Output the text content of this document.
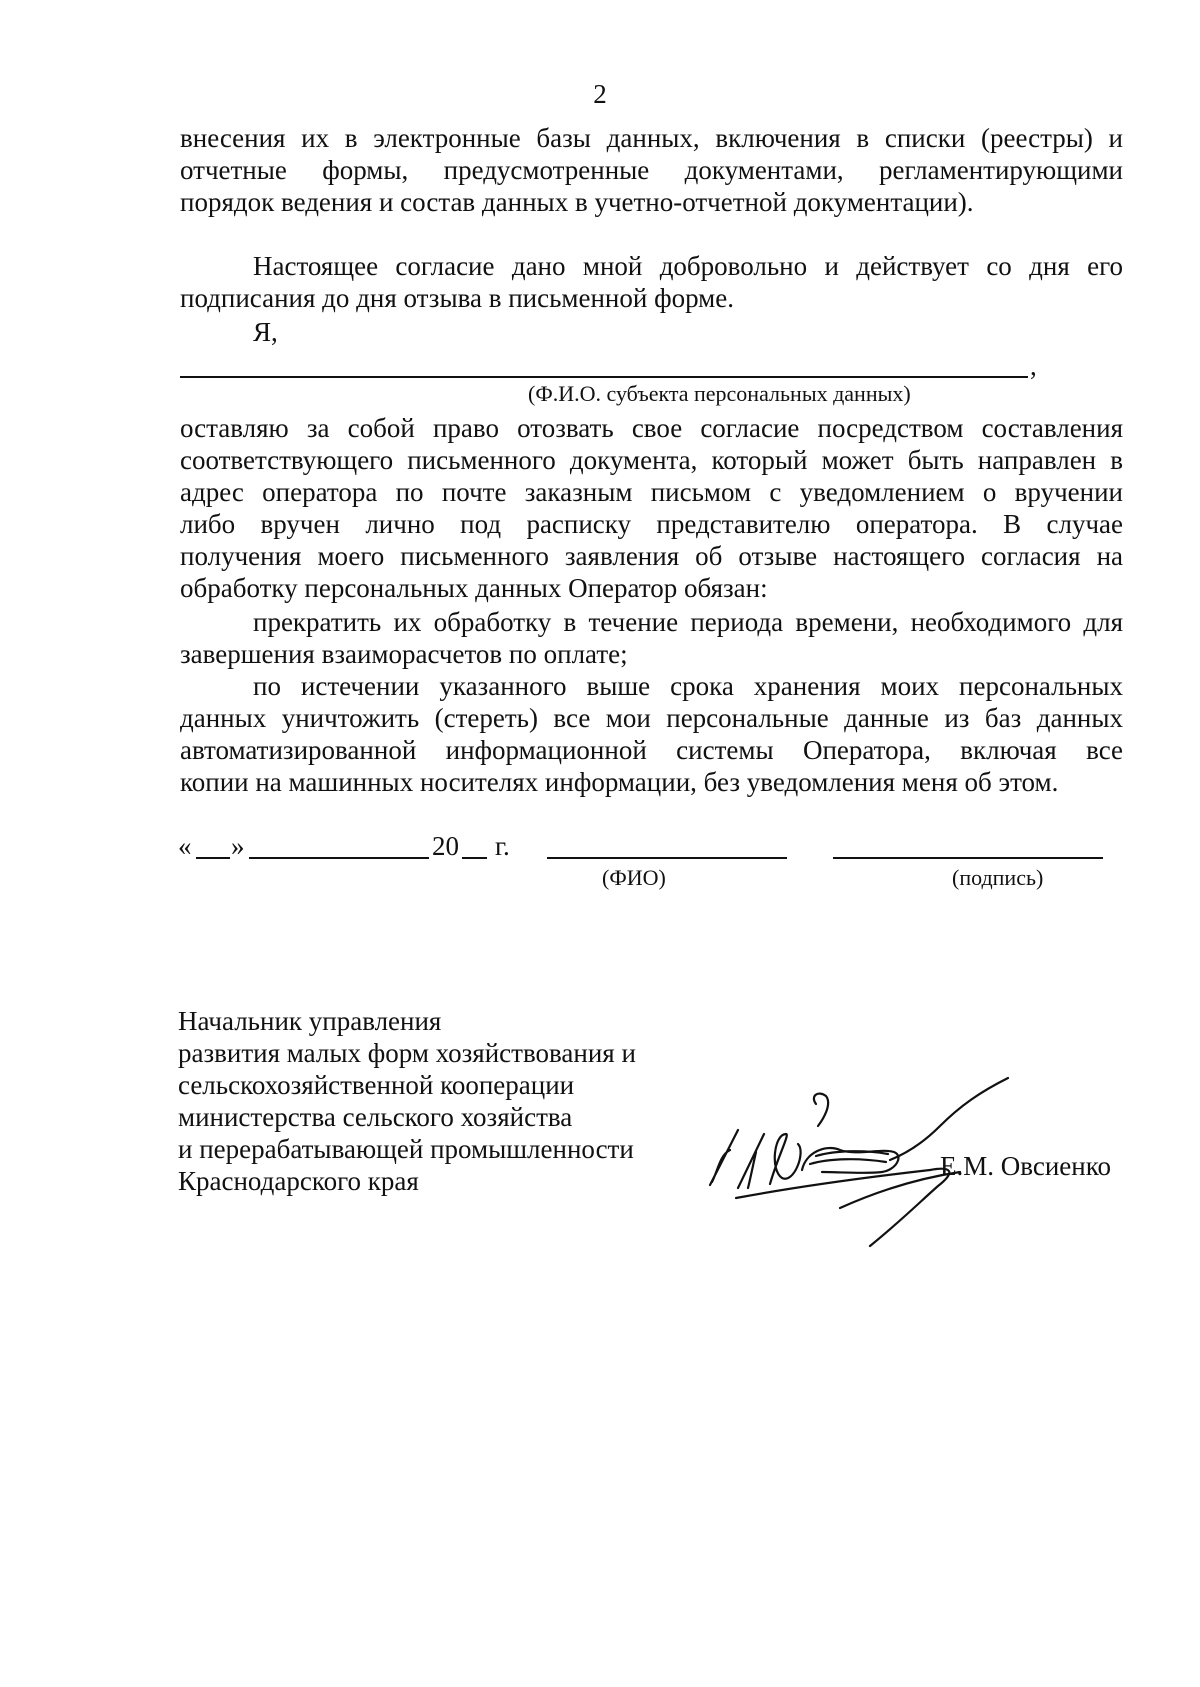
2
внесения их в электронные базы данных, включения в списки (реестры) и
отчетные формы, предусмотренные документами, регламентирующими
порядок ведения и состав данных в учетно-отчетной документации).
Настоящее согласие дано мной добровольно и действует со дня его
подписания до дня отзыва в письменной форме.
Я,
,
(Ф.И.О. субъекта персональных данных)
оставляю за собой право отозвать свое согласие посредством составления
соответствующего письменного документа, который может быть направлен в
адрес оператора по почте заказным письмом с уведомлением о вручении
либо вручен лично под расписку представителю оператора. В случае
получения моего письменного заявления об отзыве настоящего согласия на
обработку персональных данных Оператор обязан:
прекратить их обработку в течение периода времени, необходимого для
завершения взаиморасчетов по оплате;
по истечении указанного выше срока хранения моих персональных
данных уничтожить (стереть) все мои персональные данные из баз данных
автоматизированной информационной системы Оператора, включая все
копии на машинных носителях информации, без уведомления меня об этом.
« »	20 г.
(ФИО)	(подпись)
Начальник управления
развития малых форм хозяйствования и
сельскохозяйственной кооперации
министерства сельского хозяйства
и перерабатывающей промышленности
Краснодарского края	Е.М. Овсиенко
